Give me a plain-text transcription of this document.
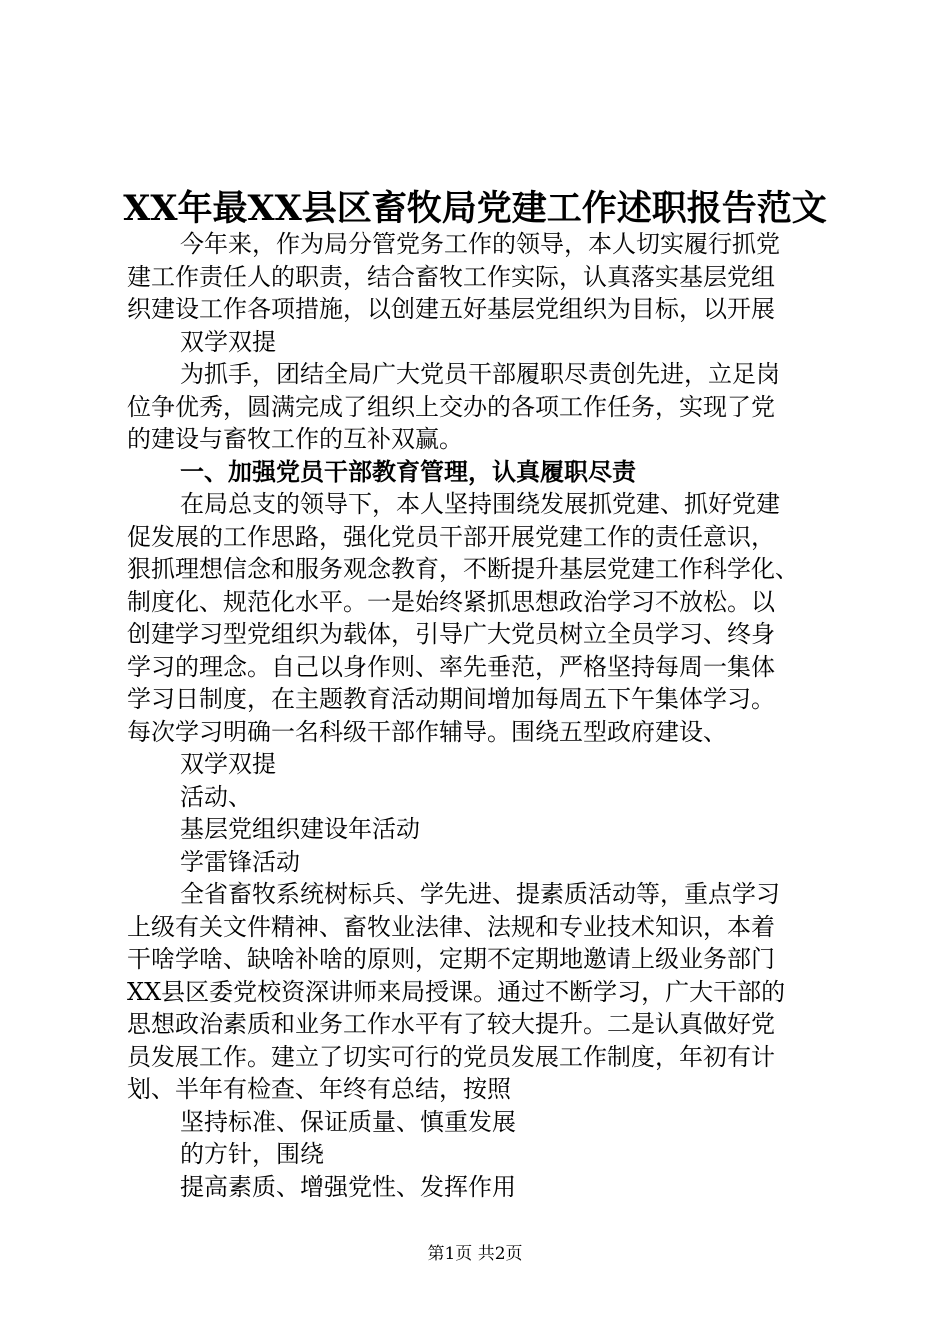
XX年最XX县区畜牧局党建工作述职报告范文
今年来，作为局分管党务工作的领导，本人切实履行抓党
建工作责任人的职责，结合畜牧工作实际，认真落实基层党组
织建设工作各项措施，以创建五好基层党组织为目标，以开展
双学双提
为抓手，团结全局广大党员干部履职尽责创先进，立足岗
位争优秀，圆满完成了组织上交办的各项工作任务，实现了党
的建设与畜牧工作的互补双赢。
一、加强党员干部教育管理，认真履职尽责
在局总支的领导下，本人坚持围绕发展抓党建、抓好党建
促发展的工作思路，强化党员干部开展党建工作的责任意识，
狠抓理想信念和服务观念教育，不断提升基层党建工作科学化、
制度化、规范化水平。一是始终紧抓思想政治学习不放松。以
创建学习型党组织为载体，引导广大党员树立全员学习、终身
学习的理念。自己以身作则、率先垂范，严格坚持每周一集体
学习日制度，在主题教育活动期间增加每周五下午集体学习。
每次学习明确一名科级干部作辅导。围绕五型政府建设、
双学双提
活动、
基层党组织建设年活动
学雷锋活动
全省畜牧系统树标兵、学先进、提素质活动等，重点学习
上级有关文件精神、畜牧业法律、法规和专业技术知识，本着
干啥学啥、缺啥补啥的原则，定期不定期地邀请上级业务部门
XX县区委党校资深讲师来局授课。通过不断学习，广大干部的
思想政治素质和业务工作水平有了较大提升。二是认真做好党
员发展工作。建立了切实可行的党员发展工作制度，年初有计
划、半年有检查、年终有总结，按照
坚持标准、保证质量、慎重发展
的方针，围绕
提高素质、增强党性、发挥作用
第1页 共2页
